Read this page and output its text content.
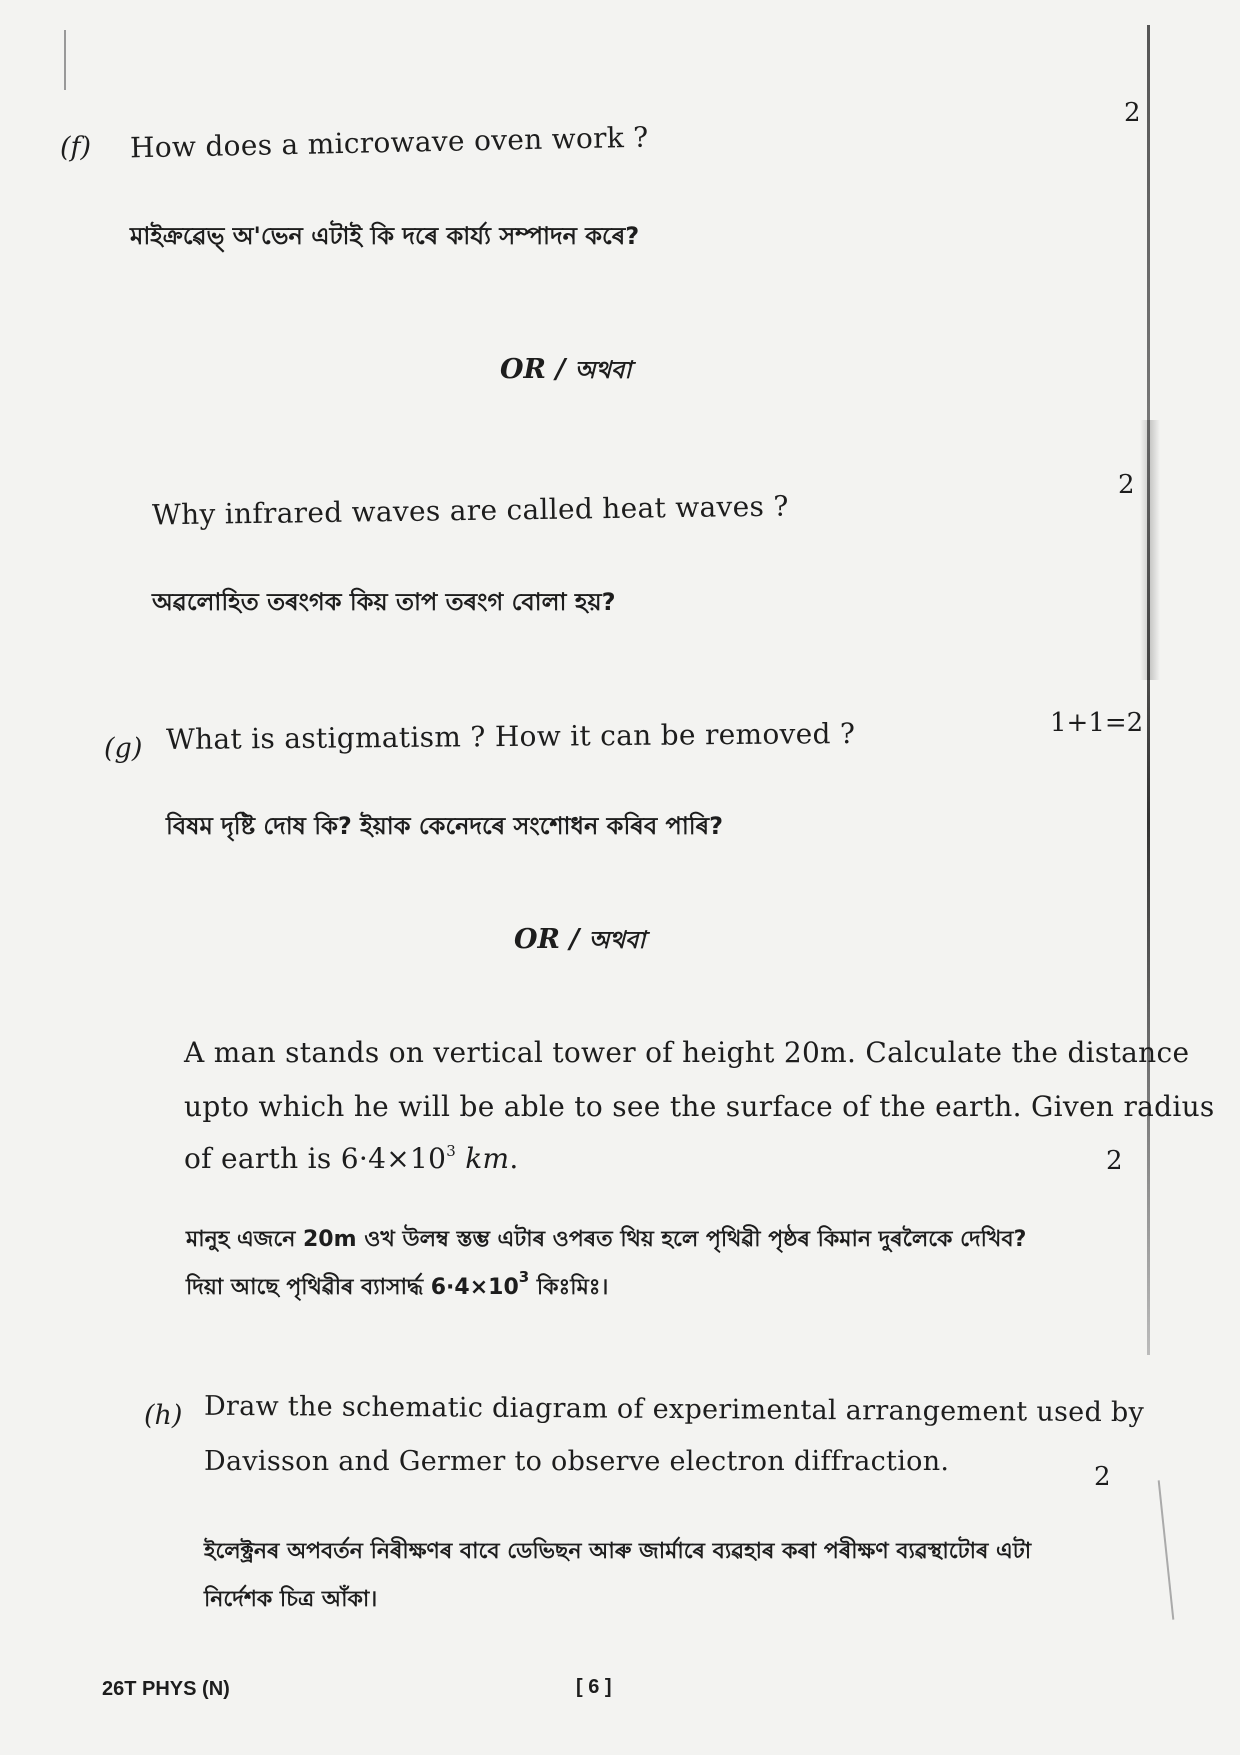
2
(f) How does a microwave oven work ?
মাইক্ৰৱেভ্ অ'ভেন এটাই কি দৰে কাৰ্য্য সম্পাদন কৰে?
OR / অথবা
2
Why infrared waves are called heat waves ?
অৱলোহিত তৰংগক কিয় তাপ তৰংগ বোলা হয়?
1+1=2
(g) What is astigmatism ? How it can be removed ?
বিষম দৃষ্টি দোষ কি? ইয়াক কেনেদৰে সংশোধন কৰিব পাৰি?
OR / অথবা
A man stands on vertical tower of height 20m. Calculate the distance
upto which he will be able to see the surface of the earth. Given radius
of earth is $6\cdot 4\times 10^3$ km.	2
মানুহ এজনে 20m ওখ উলম্ব স্তম্ভ এটাৰ ওপৰত থিয় হলে পৃথিৱী পৃষ্ঠৰ কিমান দুৰলৈকে দেখিব?
দিয়া আছে পৃথিৱীৰ ব্যাসাৰ্দ্ধ $6\cdot 4\times 10^3$ কিঃমিঃ।
(h) Draw the schematic diagram of experimental arrangement used by
Davisson and Germer to observe electron diffraction.	2
ইলেক্ট্ৰনৰ অপবৰ্তন নিৰীক্ষণৰ বাবে ডেভিছন আৰু জাৰ্মাৰে ব্যৱহাৰ কৰা পৰীক্ষণ ব্যৱস্থাটোৰ এটা
নিৰ্দেশক চিত্ৰ আঁকা।
26T PHYS (N)	[ 6 ]
